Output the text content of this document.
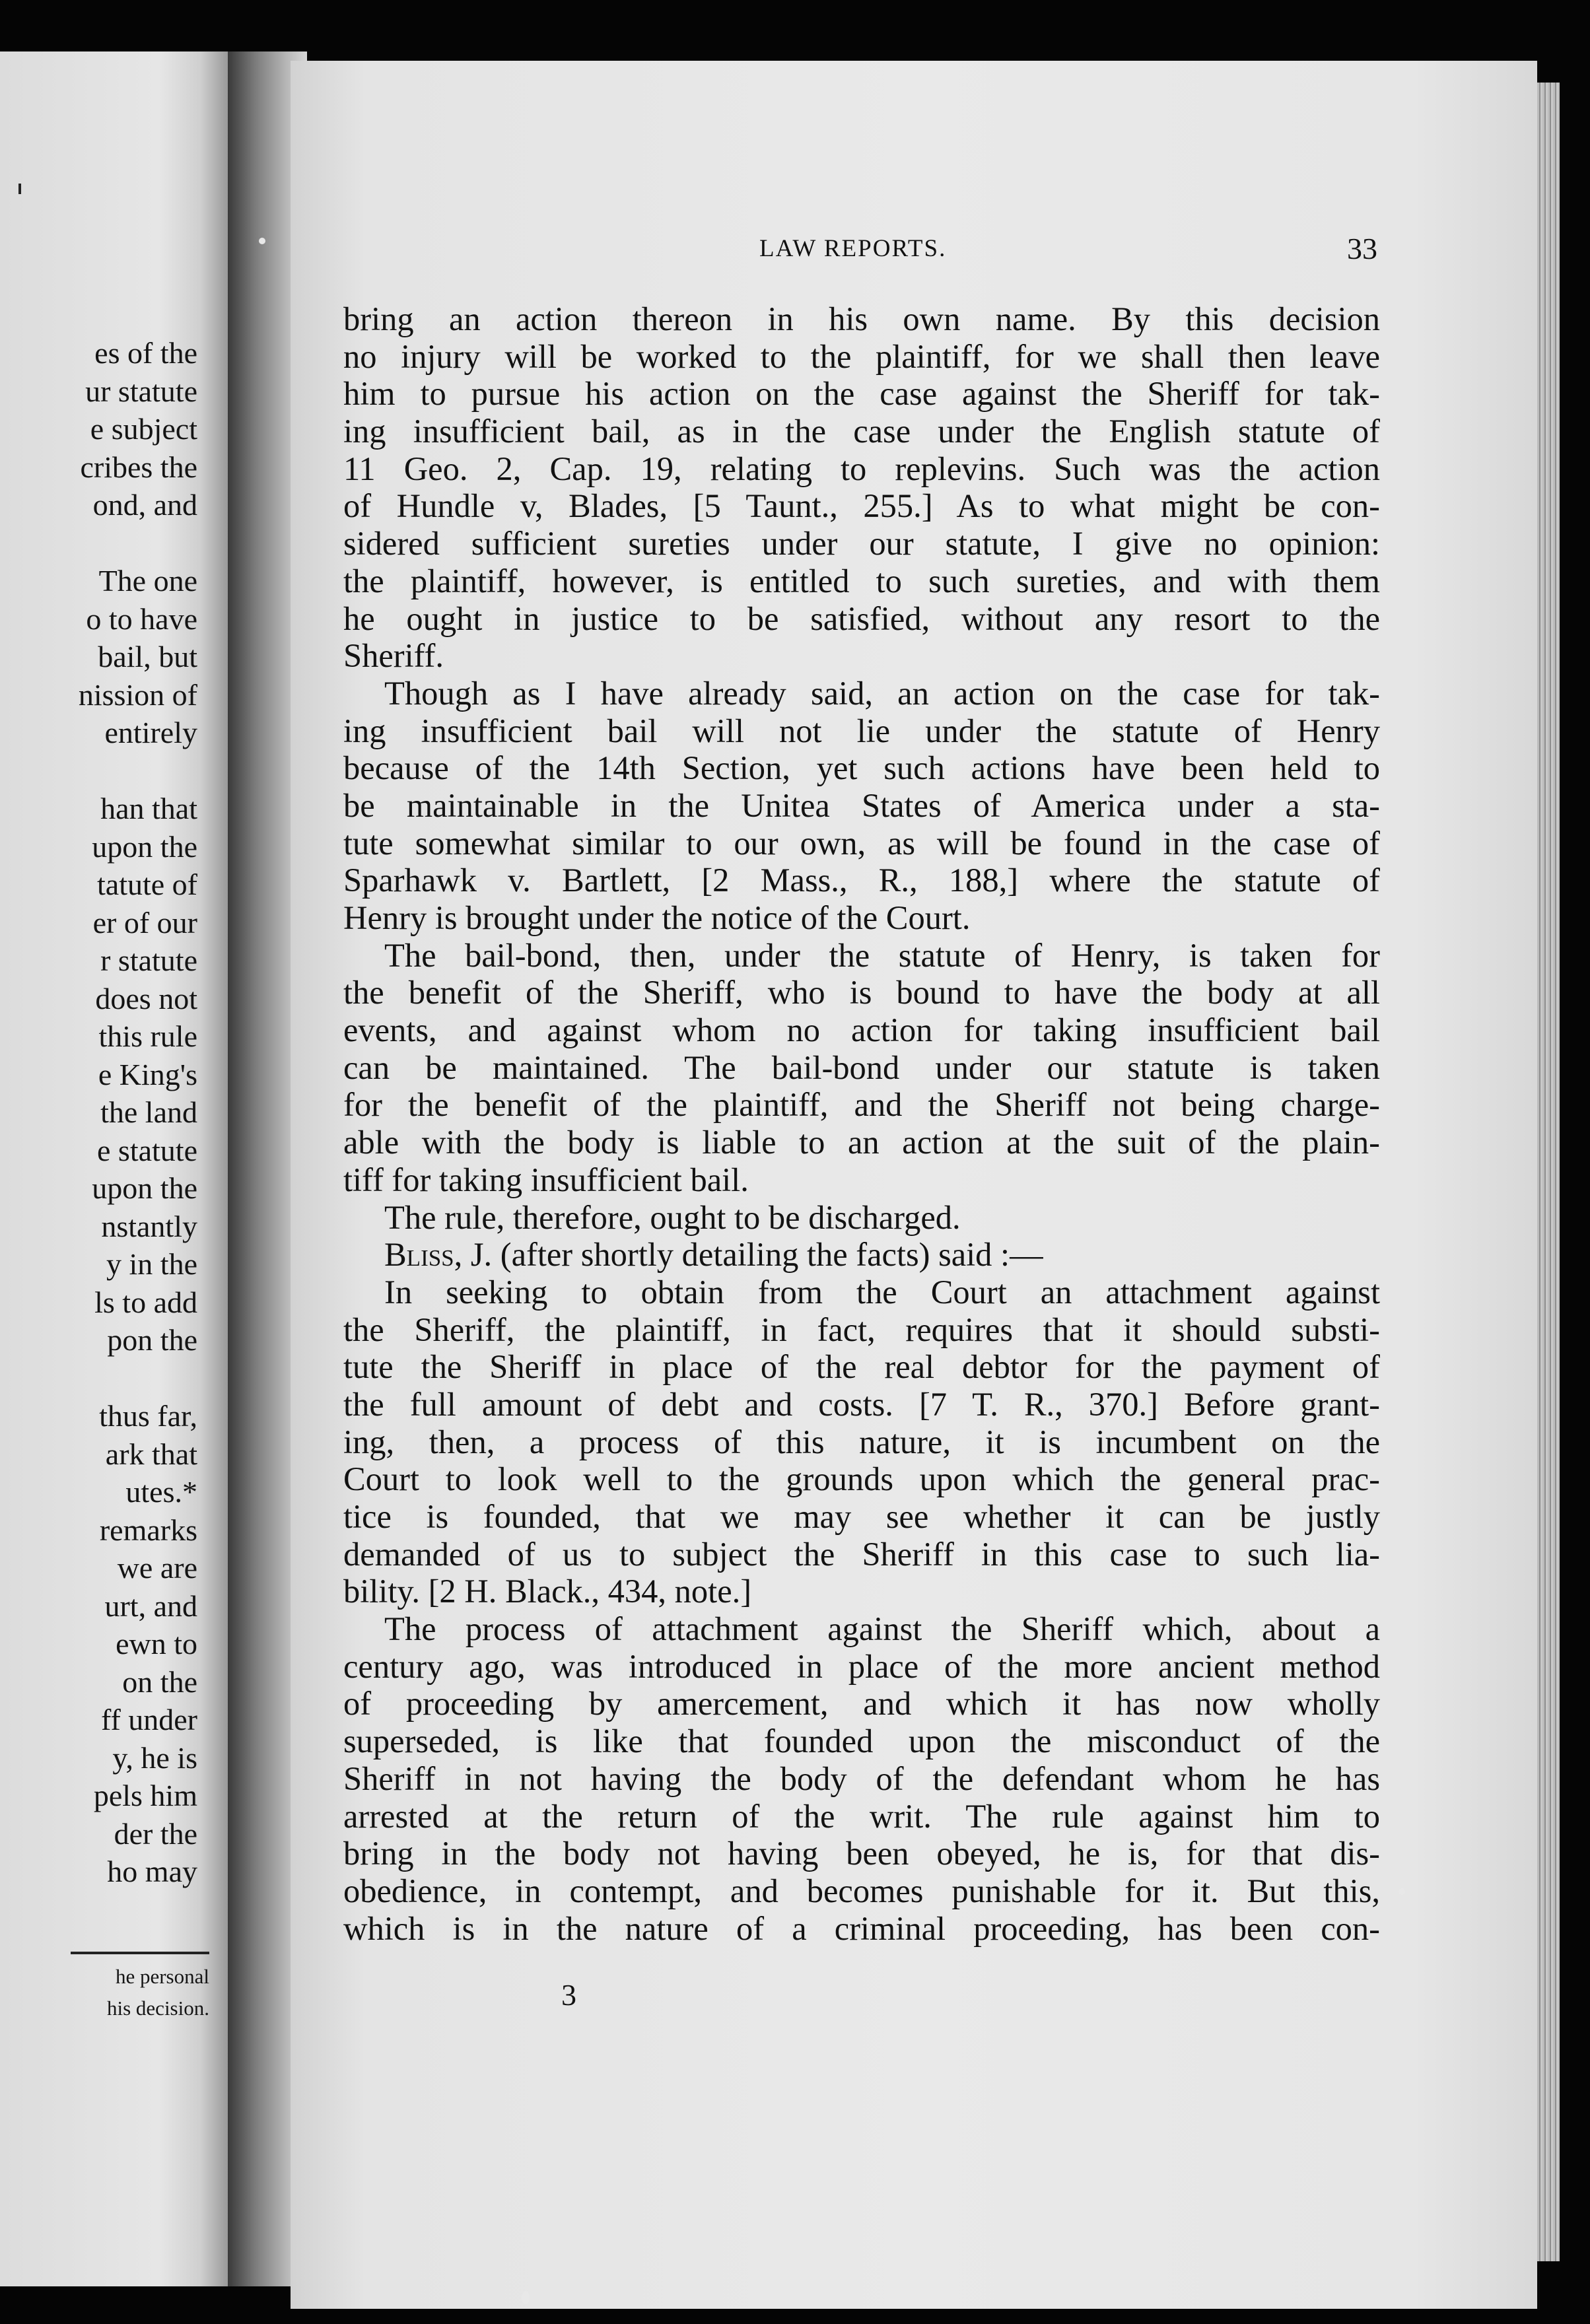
es of the
ur statute
e subject
cribes the
ond, and

The one
o to have
bail, but
nission of
entirely

han that
upon the
tatute of
er of our
r statute
does not
this rule
e King's
the land
e statute
upon the
nstantly
y in the
ls to add
pon the

thus far,
ark that
utes.*
remarks
we are
urt, and
ewn to
on the
ff under
y, he is
pels him
der the
ho may
he personal
his decision.
LAW REPORTS.	33
bring an action thereon in his own name. By this decision
no injury will be worked to the plaintiff, for we shall then leave
him to pursue his action on the case against the Sheriff for tak-
ing insufficient bail, as in the case under the English statute of
11 Geo. 2, Cap. 19, relating to replevins. Such was the action
of Hundle v, Blades, [5 Taunt., 255.] As to what might be con-
sidered sufficient sureties under our statute, I give no opinion:
the plaintiff, however, is entitled to such sureties, and with them
he ought in justice to be satisfied, without any resort to the
Sheriff.
Though as I have already said, an action on the case for tak-
ing insufficient bail will not lie under the statute of Henry
because of the 14th Section, yet such actions have been held to
be maintainable in the Unitea States of America under a sta-
tute somewhat similar to our own, as will be found in the case of
Sparhawk v. Bartlett, [2 Mass., R., 188,] where the statute of
Henry is brought under the notice of the Court.
The bail-bond, then, under the statute of Henry, is taken for
the benefit of the Sheriff, who is bound to have the body at all
events, and against whom no action for taking insufficient bail
can be maintained. The bail-bond under our statute is taken
for the benefit of the plaintiff, and the Sheriff not being charge-
able with the body is liable to an action at the suit of the plain-
tiff for taking insufficient bail.
The rule, therefore, ought to be discharged.
Bliss, J. (after shortly detailing the facts) said :—
In seeking to obtain from the Court an attachment against
the Sheriff, the plaintiff, in fact, requires that it should substi-
tute the Sheriff in place of the real debtor for the payment of
the full amount of debt and costs. [7 T. R., 370.] Before grant-
ing, then, a process of this nature, it is incumbent on the
Court to look well to the grounds upon which the general prac-
tice is founded, that we may see whether it can be justly
demanded of us to subject the Sheriff in this case to such lia-
bility. [2 H. Black., 434, note.]
The process of attachment against the Sheriff which, about a
century ago, was introduced in place of the more ancient method
of proceeding by amercement, and which it has now wholly
superseded, is like that founded upon the misconduct of the
Sheriff in not having the body of the defendant whom he has
arrested at the return of the writ. The rule against him to
bring in the body not having been obeyed, he is, for that dis-
obedience, in contempt, and becomes punishable for it. But this,
which is in the nature of a criminal proceeding, has been con-
3
